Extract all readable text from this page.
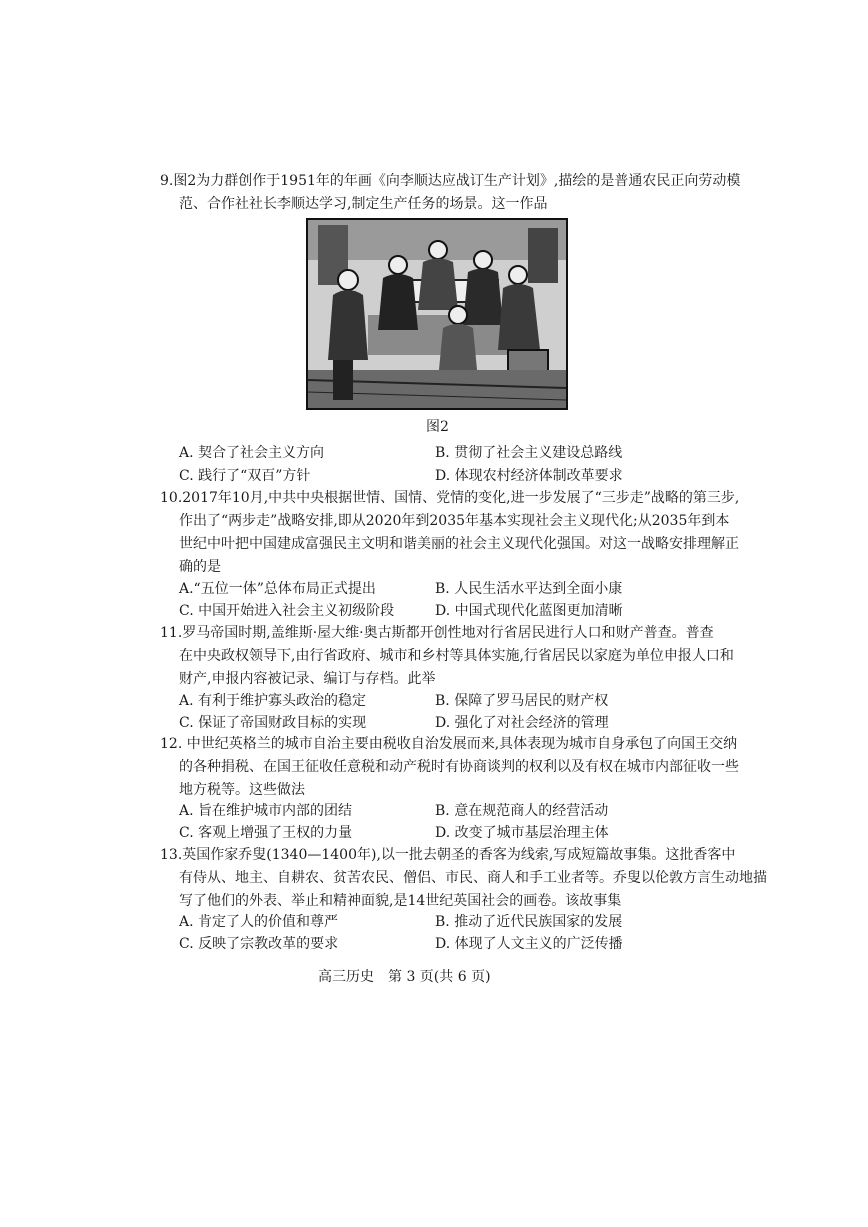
9.图2为力群创作于1951年的年画《向李顺达应战订生产计划》,描绘的是普通农民正向劳动模
范、合作社社长李顺达学习,制定生产任务的场景。这一作品
图2
A. 契合了社会主义方向	B. 贯彻了社会主义建设总路线
C. 践行了“双百”方针	D. 体现农村经济体制改革要求
10.2017年10月,中共中央根据世情、国情、党情的变化,进一步发展了“三步走”战略的第三步,
作出了“两步走”战略安排,即从2020年到2035年基本实现社会主义现代化;从2035年到本
世纪中叶把中国建成富强民主文明和谐美丽的社会主义现代化强国。对这一战略安排理解正
确的是
A.“五位一体”总体布局正式提出	B. 人民生活水平达到全面小康
C. 中国开始进入社会主义初级阶段	D. 中国式现代化蓝图更加清晰
11.罗马帝国时期,盖维斯·屋大维·奥古斯都开创性地对行省居民进行人口和财产普查。普查
在中央政权领导下,由行省政府、城市和乡村等具体实施,行省居民以家庭为单位申报人口和
财产,申报内容被记录、编订与存档。此举
A. 有利于维护寡头政治的稳定	B. 保障了罗马居民的财产权
C. 保证了帝国财政目标的实现	D. 强化了对社会经济的管理
12. 中世纪英格兰的城市自治主要由税收自治发展而来,具体表现为城市自身承包了向国王交纳
的各种捐税、在国王征收任意税和动产税时有协商谈判的权利以及有权在城市内部征收一些
地方税等。这些做法
A. 旨在维护城市内部的团结	B. 意在规范商人的经营活动
C. 客观上增强了王权的力量	D. 改变了城市基层治理主体
13.英国作家乔叟(1340—1400年),以一批去朝圣的香客为线索,写成短篇故事集。这批香客中
有侍从、地主、自耕农、贫苦农民、僧侣、市民、商人和手工业者等。乔叟以伦敦方言生动地描
写了他们的外表、举止和精神面貌,是14世纪英国社会的画卷。该故事集
A. 肯定了人的价值和尊严	B. 推动了近代民族国家的发展
C. 反映了宗教改革的要求	D. 体现了人文主义的广泛传播
高三历史　第 3 页(共 6 页)
